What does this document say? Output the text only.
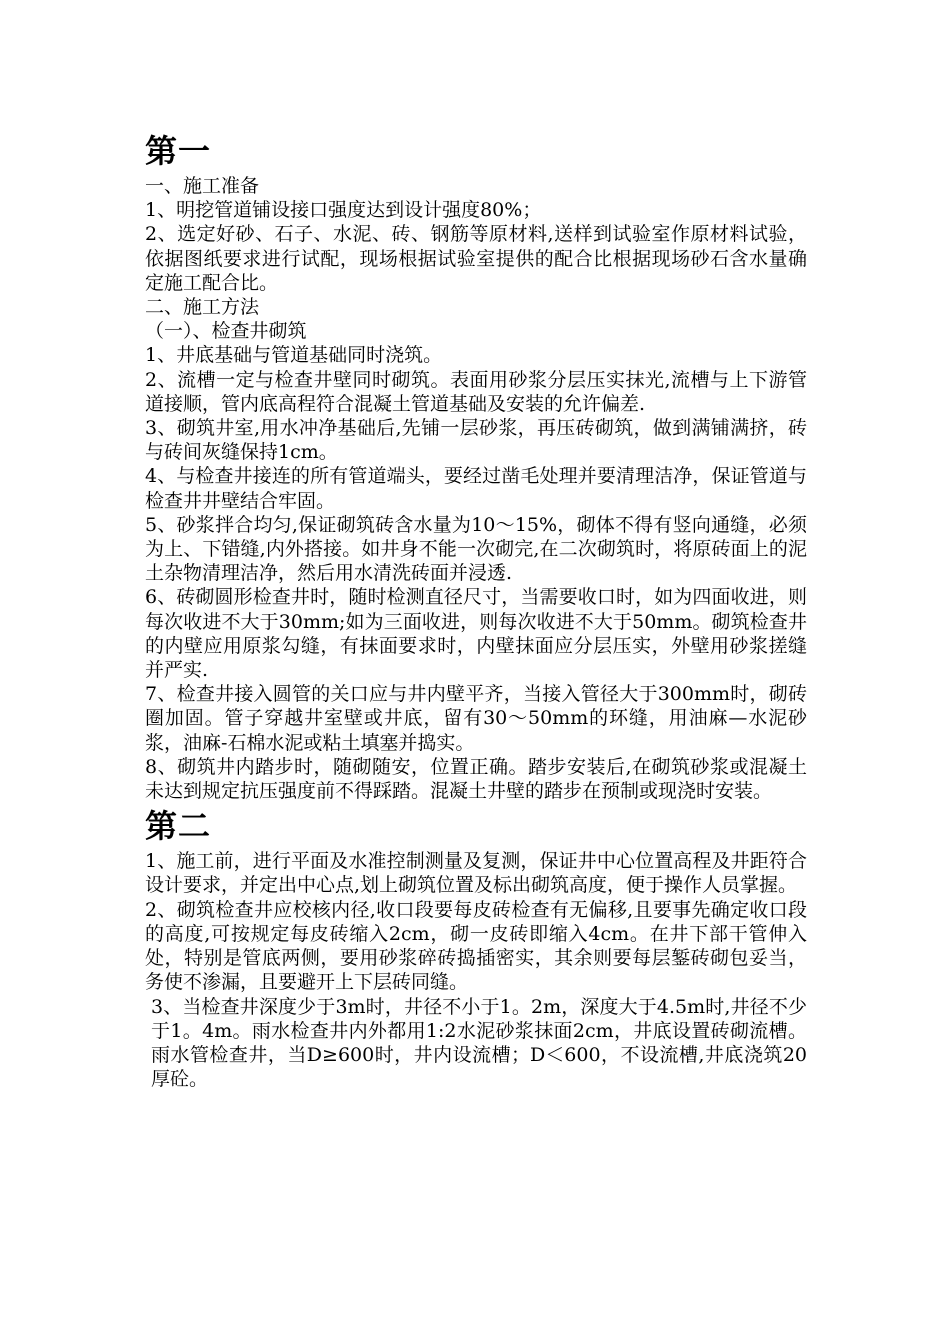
第一

一、施工准备

1、明挖管道铺设接口强度达到设计强度80%；

2、选定好砂、石子、水泥、砖、钢筋等原材料,送样到试验室作原材料试验，依据图纸要求进行试配，现场根据试验室提供的配合比根据现场砂石含水量确定施工配合比。

二、施工方法

（一）、检查井砌筑

1、井底基础与管道基础同时浇筑。

2、流槽一定与检查井壁同时砌筑。表面用砂浆分层压实抹光,流槽与上下游管道接顺，管内底高程符合混凝土管道基础及安装的允许偏差.

3、砌筑井室,用水冲净基础后,先铺一层砂浆，再压砖砌筑，做到满铺满挤，砖与砖间灰缝保持1cm。

4、与检查井接连的所有管道端头，要经过凿毛处理并要清理洁净，保证管道与检查井井壁结合牢固。

5、砂浆拌合均匀,保证砌筑砖含水量为10～15%，砌体不得有竖向通缝，必须为上、下错缝,内外搭接。如井身不能一次砌完,在二次砌筑时，将原砖面上的泥土杂物清理洁净，然后用水清洗砖面并浸透.

6、砖砌圆形检查井时，随时检测直径尺寸，当需要收口时，如为四面收进，则每次收进不大于30mm;如为三面收进，则每次收进不大于50mm。砌筑检查井的内壁应用原浆勾缝，有抹面要求时，内壁抹面应分层压实，外壁用砂浆搓缝并严实.

7、检查井接入圆管的关口应与井内壁平齐，当接入管径大于300mm时，砌砖圈加固。管子穿越井室壁或井底，留有30～50mm的环缝，用油麻—水泥砂浆，油麻-石棉水泥或粘土填塞并捣实。

8、砌筑井内踏步时，随砌随安，位置正确。踏步安装后,在砌筑砂浆或混凝土未达到规定抗压强度前不得踩踏。混凝土井壁的踏步在预制或现浇时安装。

第二

1、施工前，进行平面及水准控制测量及复测，保证井中心位置高程及井距符合设计要求，并定出中心点,划上砌筑位置及标出砌筑高度，便于操作人员掌握。

2、砌筑检查井应校核内径,收口段要每皮砖检查有无偏移,且要事先确定收口段的高度,可按规定每皮砖缩入2cm，砌一皮砖即缩入4cm。在井下部干管伸入处，特别是管底两侧，要用砂浆碎砖捣插密实，其余则要每层錾砖砌包妥当，务使不渗漏，且要避开上下层砖同缝。

3、当检查井深度少于3m时，井径不小于1。2m，深度大于4.5m时,井径不少于1。4m。雨水检查井内外都用1:2水泥砂浆抹面2cm，井底设置砖砌流槽。雨水管检查井，当D≥600时，井内设流槽；D＜600，不设流槽,井底浇筑20厚砼。
